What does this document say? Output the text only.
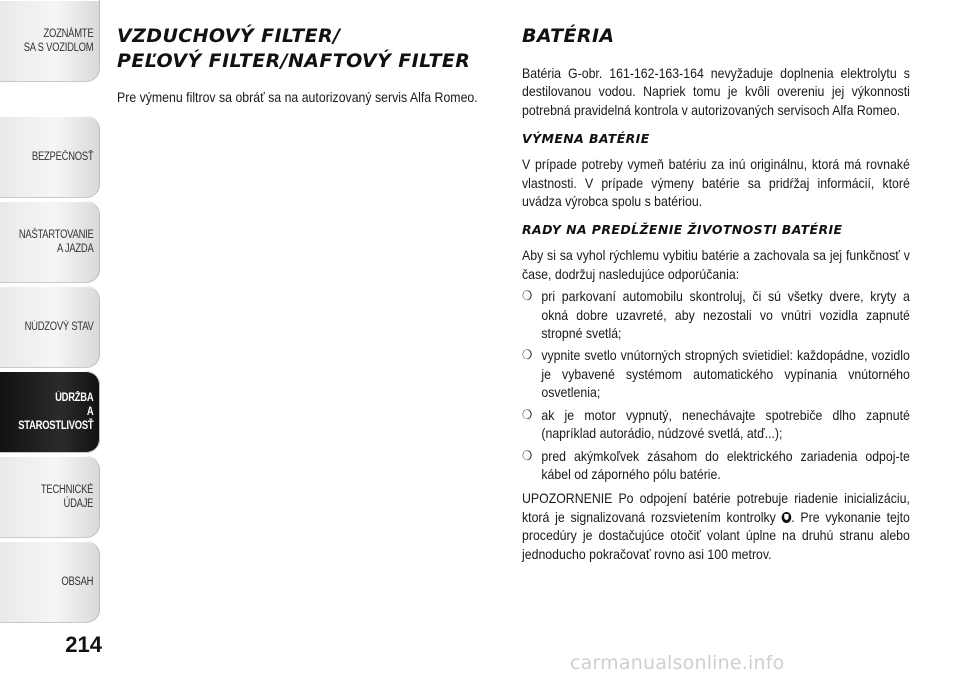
ZOZNÁMTE
SA S VOZIDLOM
BEZPEČNOSŤ
NAŠTARTOVANIE
A JAZDA
NÚDZOVÝ STAV
ÚDRŽBA
A STAROSTLIVOSŤ
TECHNICKÉ
ÚDAJE
OBSAH
214
VZDUCHOVÝ FILTER/
PEĽOVÝ FILTER/NAFTOVÝ FILTER

Pre výmenu filtrov sa obráť sa na autorizovaný servis Alfa Romeo.

BATÉRIA

Batéria G-obr. 161-162-163-164 nevyžaduje doplnenia elektrolytu s destilovanou vodou. Napriek tomu je kvôli overeniu jej výkonnosti potrebná pravidelná kontrola v autorizovaných servisoch Alfa Romeo.

VÝMENA BATÉRIE

V prípade potreby vymeň batériu za inú originálnu, ktorá má rovnaké vlastnosti. V prípade výmeny batérie sa pridŕžaj informácií, ktoré uvádza výrobca spolu s batériou.

RADY NA PREDĹŽENIE ŽIVOTNOSTI BATÉRIE
Aby si sa vyhol rýchlemu vybitiu batérie a zachovala sa jej funkčnosť v čase, dodržuj nasledujúce odporúčania:
❍ pri parkovaní automobilu skontroluj, či sú všetky dvere, kryty a okná dobre uzavreté, aby nezostali vo vnútri vozidla zapnuté stropné svetlá;
❍ vypnite svetlo vnútorných stropných svietidiel: každopádne, vozidlo je vybavené systémom automatického vypínania vnútorného osvetlenia;
❍ ak je motor vypnutý, nenechávajte spotrebiče dlho zapnuté (napríklad autorádio, núdzové svetlá, atď...);
❍ pred akýmkoľvek zásahom do elektrického zariadenia odpoj-te kábel od záporného pólu batérie.
UPOZORNENIE Po odpojení batérie potrebuje riadenie inicializáciu, ktorá je signalizovaná rozsvietením kontrolky . Pre vykonanie tejto procedúry je dostačujúce otočiť volant úplne na druhú stranu alebo jednoducho pokračovať rovno asi 100 metrov.
carmanualsonline.info
